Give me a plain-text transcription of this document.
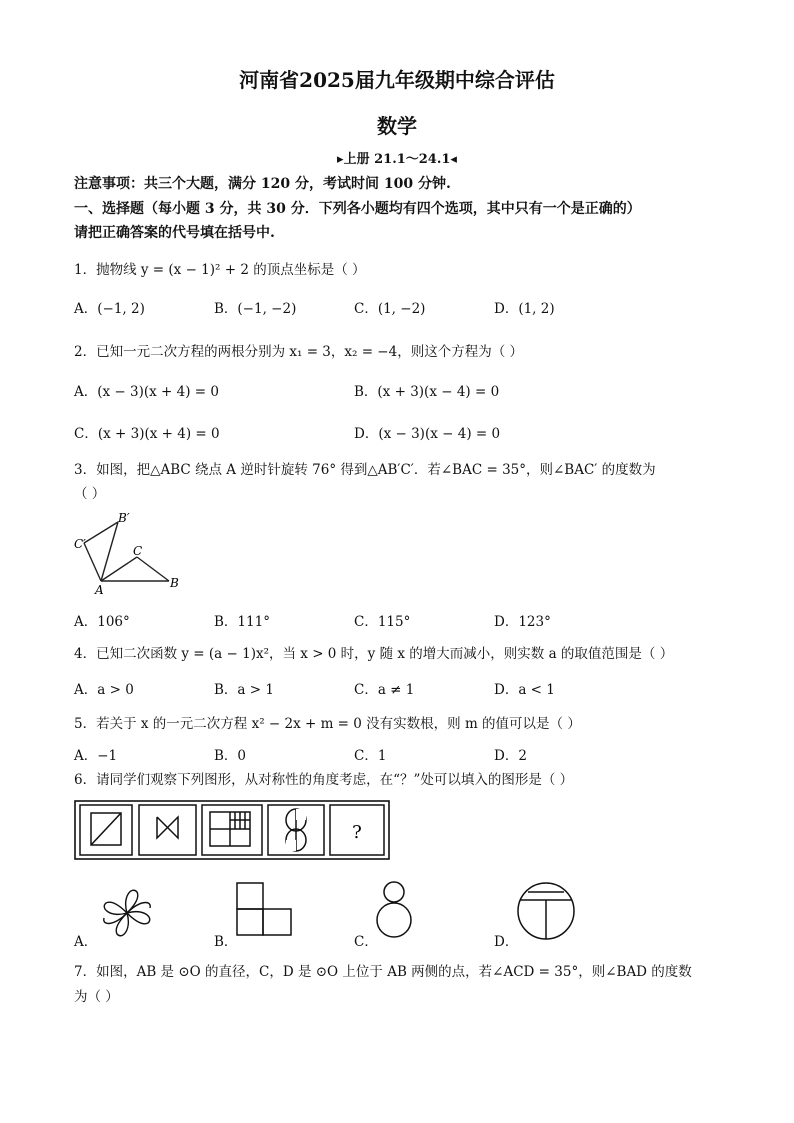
河南省2025届九年级期中综合评估
数学
▸上册 21.1～24.1◂
注意事项：共三个大题，满分 120 分，考试时间 100 分钟.
一、选择题（每小题 3 分，共 30 分．下列各小题均有四个选项，其中只有一个是正确的）
请把正确答案的代号填在括号中.
1．抛物线 y = (x − 1)² + 2 的顶点坐标是（ ）
A．(−1, 2)	B．(−1, −2)	C．(1, −2)	D．(1, 2)
2．已知一元二次方程的两根分别为 x₁ = 3，x₂ = −4，则这个方程为（ ）
A．(x − 3)(x + 4) = 0	B．(x + 3)(x − 4) = 0
C．(x + 3)(x + 4) = 0	D．(x − 3)(x − 4) = 0
3．如图，把△ABC 绕点 A 逆时针旋转 76° 得到△AB′C′．若∠BAC = 35°，则∠BAC′ 的度数为
（ ）
C′
B′
C
A	B
A．106°	B．111°	C．115°	D．123°
4．已知二次函数 y = (a − 1)x²，当 x > 0 时，y 随 x 的增大而减小，则实数 a 的取值范围是（ ）
A．a > 0	B．a > 1	C．a ≠ 1	D．a < 1
5．若关于 x 的一元二次方程 x² − 2x + m = 0 没有实数根，则 m 的值可以是（ ）
A．−1	B．0	C．1	D．2
6．请同学们观察下列图形，从对称性的角度考虑，在“？”处可以填入的图形是（ ）
?
A．	B．	C．	D．
7．如图，AB 是 ⊙O 的直径，C，D 是 ⊙O 上位于 AB 两侧的点，若∠ACD = 35°，则∠BAD 的度数
为（ ）
